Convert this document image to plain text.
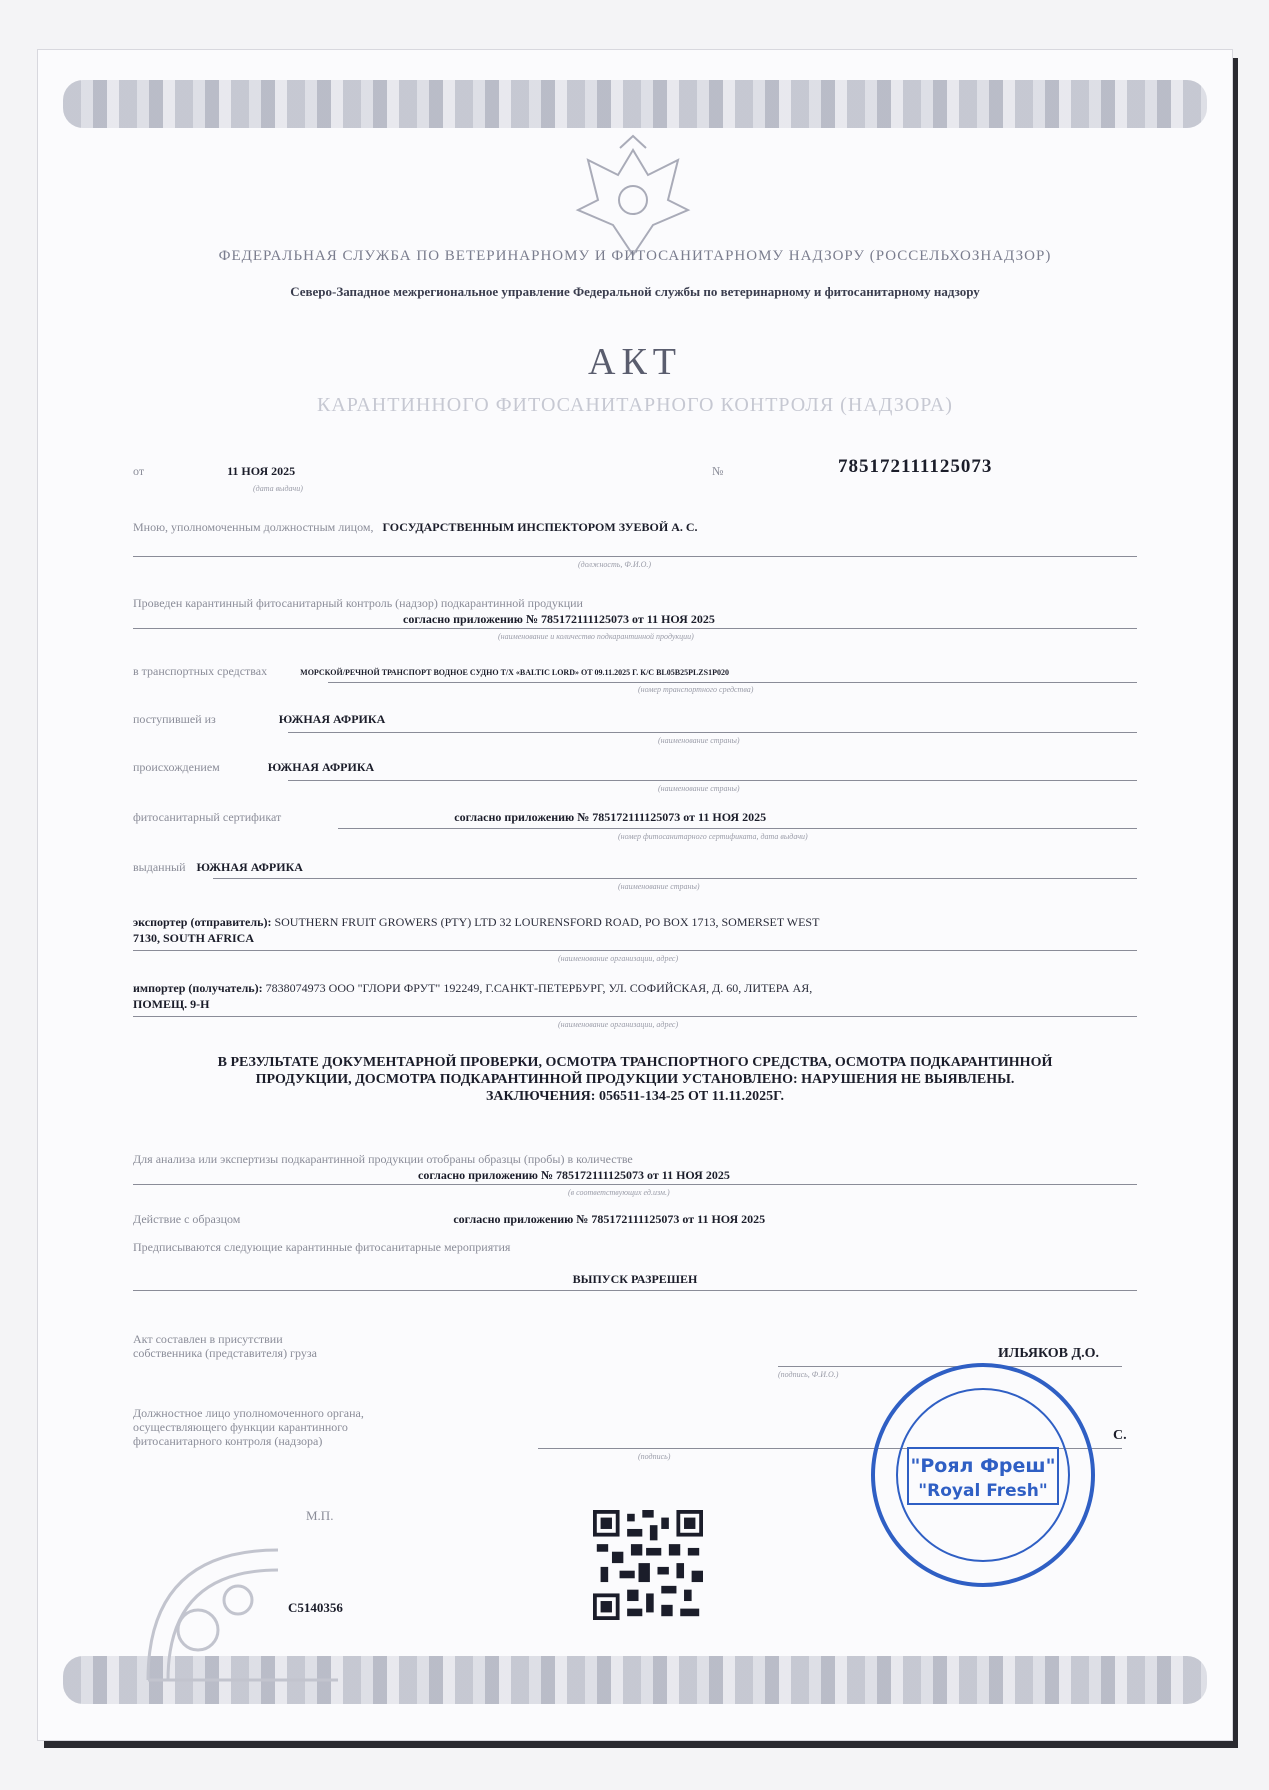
ФЕДЕРАЛЬНАЯ СЛУЖБА ПО ВЕТЕРИНАРНОМУ И ФИТОСАНИТАРНОМУ НАДЗОРУ (РОССЕЛЬХОЗНАДЗОР)
Северо-Западное межрегиональное управление Федеральной службы по ветеринарному и фитосанитарному надзору
АКТ
КАРАНТИННОГО ФИТОСАНИТАРНОГО КОНТРОЛЯ (НАДЗОРА)
от	11 НОЯ 2025
(дата выдачи)
№	785172111125073
Мною, уполномоченным должностным лицом, ГОСУДАРСТВЕННЫМ ИНСПЕКТОРОМ ЗУЕВОЙ А. С.
(должность, Ф.И.О.)
Проведен карантинный фитосанитарный контроль (надзор) подкарантинной продукции
согласно приложению № 785172111125073 от 11 НОЯ 2025
(наименование и количество подкарантинной продукции)
в транспортных средствах	МОРСКОЙ/РЕЧНОЙ ТРАНСПОРТ ВОДНОЕ СУДНО Т/Х «BALTIC LORD» ОТ 09.11.2025 Г. К/С BL05B25PLZS1P020
(номер транспортного средства)
поступившей из	ЮЖНАЯ АФРИКА
(наименование страны)
происхождением	ЮЖНАЯ АФРИКА
(наименование страны)
фитосанитарный сертификат	согласно приложению № 785172111125073 от 11 НОЯ 2025
(номер фитосанитарного сертификата, дата выдачи)
выданный ЮЖНАЯ АФРИКА
(наименование страны)
экспортер (отправитель): SOUTHERN FRUIT GROWERS (PTY) LTD 32 LOURENSFORD ROAD, PO BOX 1713, SOMERSET WEST
7130, SOUTH AFRICA
(наименование организации, адрес)
импортер (получатель): 7838074973 ООО "ГЛОРИ ФРУТ" 192249, Г.САНКТ-ПЕТЕРБУРГ, УЛ. СОФИЙСКАЯ, Д. 60, ЛИТЕРА АЯ,
ПОМЕЩ. 9-Н
(наименование организации, адрес)
В РЕЗУЛЬТАТЕ ДОКУМЕНТАРНОЙ ПРОВЕРКИ, ОСМОТРА ТРАНСПОРТНОГО СРЕДСТВА, ОСМОТРА ПОДКАРАНТИННОЙ
ПРОДУКЦИИ, ДОСМОТРА ПОДКАРАНТИННОЙ ПРОДУКЦИИ УСТАНОВЛЕНО: НАРУШЕНИЯ НЕ ВЫЯВЛЕНЫ.
ЗАКЛЮЧЕНИЯ: 056511-134-25 ОТ 11.11.2025Г.
Для анализа или экспертизы подкарантинной продукции отобраны образцы (пробы) в количестве
согласно приложению № 785172111125073 от 11 НОЯ 2025
(в соответствующих ед.изм.)
Действие с образцом	согласно приложению № 785172111125073 от 11 НОЯ 2025
Предписываются следующие карантинные фитосанитарные мероприятия
ВЫПУСК РАЗРЕШЕН
Акт составлен в присутствии
собственника (представителя) груза	ИЛЬЯКОВ Д.О.
(подпись, Ф.И.О.)
Должностное лицо уполномоченного органа,
осуществляющего функции карантинного
фитосанитарного контроля (надзора)	С.
(подпись)
М.П.
C5140356
"Роял Фреш"
"Royal Fresh"
